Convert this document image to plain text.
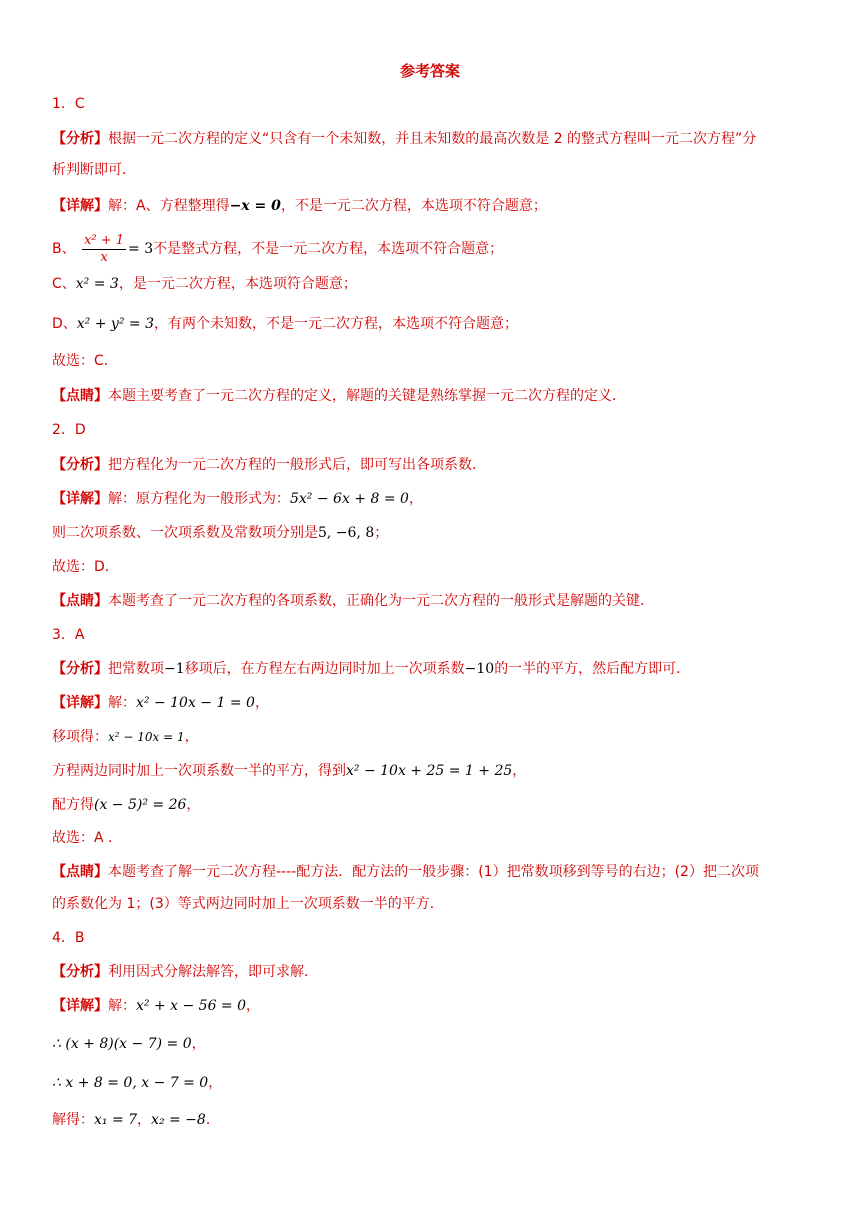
参考答案
1．C
【分析】根据一元二次方程的定义“只含有一个未知数，并且未知数的最高次数是 2 的整式方程叫一元二次方程”分
析判断即可．
【详解】解：A、方程整理得−x = 0，不是一元二次方程，本选项不符合题意；
B、 $\frac{\text{x² + 1}}{x} = 3$不是整式方程，不是一元二次方程，本选项不符合题意；
C、x² = 3，是一元二次方程，本选项符合题意；
D、x² + y² = 3，有两个未知数，不是一元二次方程，本选项不符合题意；
故选：C．
【点睛】本题主要考查了一元二次方程的定义，解题的关键是熟练掌握一元二次方程的定义．
2．D
【分析】把方程化为一元二次方程的一般形式后，即可写出各项系数．
【详解】解：原方程化为一般形式为：5x² − 6x + 8 = 0，
则二次项系数、一次项系数及常数项分别是5, −6, 8；
故选：D．
【点睛】本题考查了一元二次方程的各项系数，正确化为一元二次方程的一般形式是解题的关键．
3．A
【分析】把常数项−1移项后，在方程左右两边同时加上一次项系数−10的一半的平方，然后配方即可．
【详解】解：x² − 10x − 1 = 0，
移项得：x² − 10x = 1，
方程两边同时加上一次项系数一半的平方，得到x² − 10x + 25 = 1 + 25，
配方得(x − 5)² = 26，
故选：A ．
【点睛】本题考查了解一元二次方程----配方法．配方法的一般步骤：(1）把常数项移到等号的右边；(2）把二次项
的系数化为 1；(3）等式两边同时加上一次项系数一半的平方．
4．B
【分析】利用因式分解法解答，即可求解．
【详解】解：x² + x − 56 = 0，
∴ (x + 8)(x − 7) = 0，
∴ x + 8 = 0, x − 7 = 0，
解得：x₁ = 7，x₂ = −8．
